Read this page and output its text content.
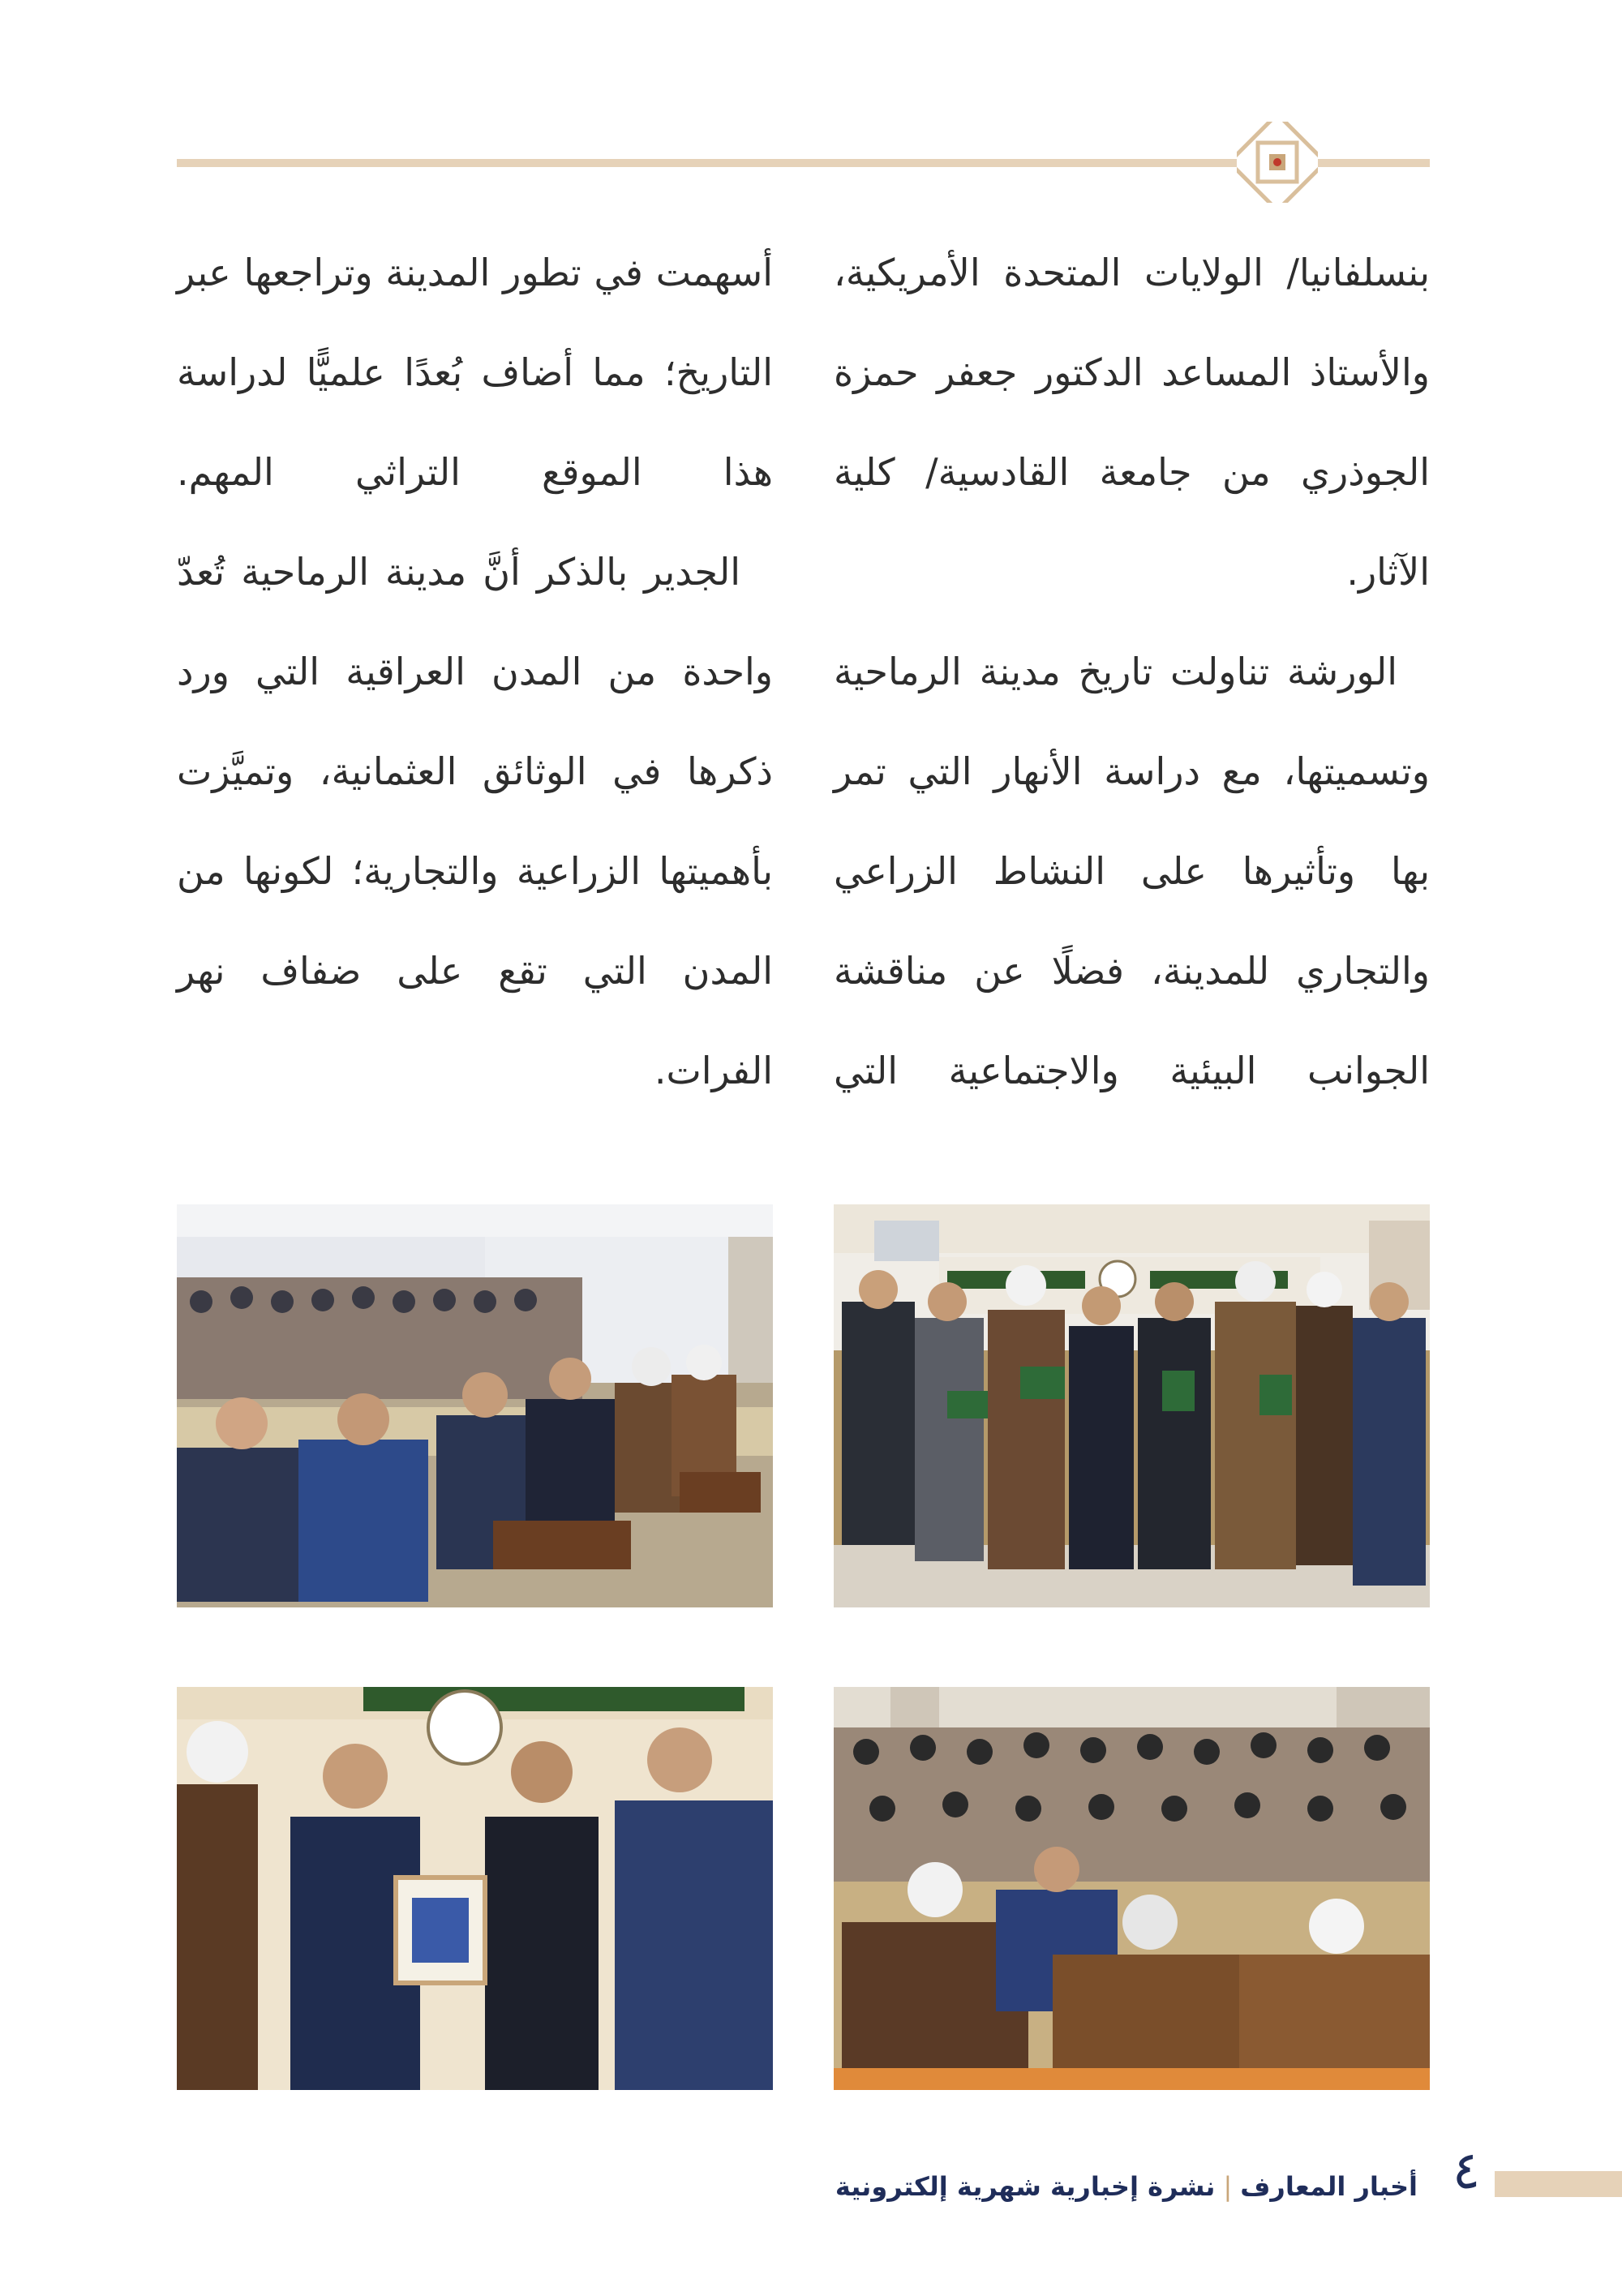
بنسلفانيا/ الولايات المتحدة الأمريكية، والأستاذ المساعد الدكتور جعفر حمزة الجوذري من جامعة القادسية/ كلية الآثار.

الورشة تناولت تاريخ مدينة الرماحية وتسميتها، مع دراسة الأنهار التي تمر بها وتأثيرها على النشاط الزراعي والتجاري للمدينة، فضلًا عن مناقشة الجوانب البيئية والاجتماعية التي

أسهمت في تطور المدينة وتراجعها عبر التاريخ؛ مما أضاف بُعدًا علميًّا لدراسة هذا الموقع التراثي المهم.

الجدير بالذكر أنَّ مدينة الرماحية تُعدّ واحدة من المدن العراقية التي ورد ذكرها في الوثائق العثمانية، وتميَّزت بأهميتها الزراعية والتجارية؛ لكونها من المدن التي تقع على ضفاف نهر الفرات.

٤
أخبار المعارف|نشرة إخبارية شهرية إلكترونية
